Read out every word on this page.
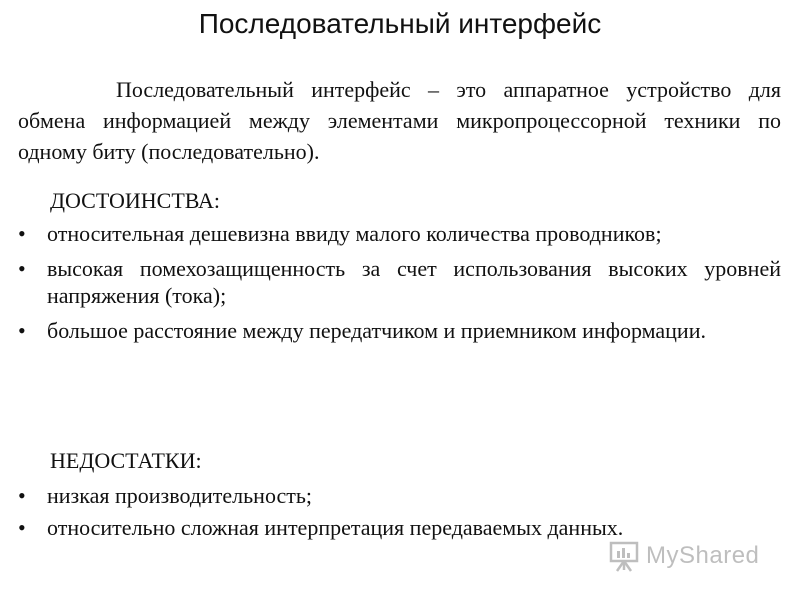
Последовательный интерфейс

Последовательный интерфейс – это аппаратное устройство для обмена информацией между элементами микропроцессорной техники по одному биту (последовательно).

ДОСТОИНСТВА:

• относительная дешевизна ввиду малого количества проводников;
• высокая помехозащищенность за счет использования высоких уровней напряжения (тока);
• большое расстояние между передатчиком и приемником информации.

НЕДОСТАТКИ:

• низкая производительность;
• относительно сложная интерпретация передаваемых данных.
MyShared
